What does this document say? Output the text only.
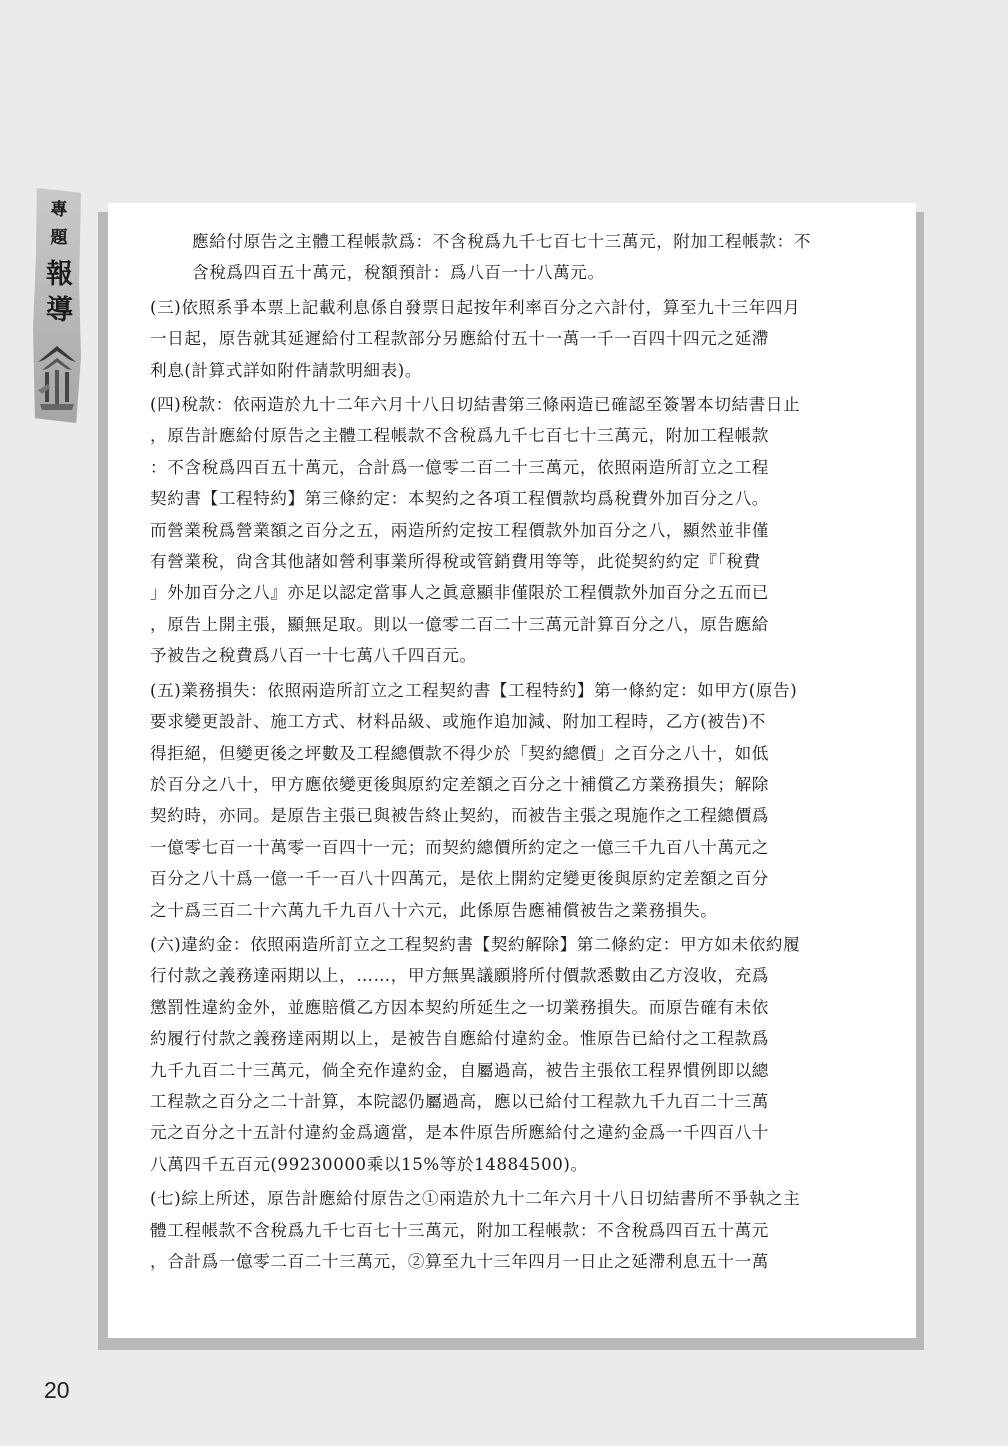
專
題
報
導
應給付原告之主體工程帳款爲：不含稅爲九千七百七十三萬元，附加工程帳款：不
含稅爲四百五十萬元，稅額預計：爲八百一十八萬元。
(三)依照系爭本票上記載利息係自發票日起按年利率百分之六計付，算至九十三年四月
一日起，原告就其延遲給付工程款部分另應給付五十一萬一千一百四十四元之延滯
利息(計算式詳如附件請款明細表)。
(四)稅款：依兩造於九十二年六月十八日切結書第三條兩造已確認至簽署本切結書日止
，原告計應給付原告之主體工程帳款不含稅爲九千七百七十三萬元，附加工程帳款
：不含稅爲四百五十萬元，合計爲一億零二百二十三萬元，依照兩造所訂立之工程
契約書【工程特約】第三條約定：本契約之各項工程價款均爲稅費外加百分之八。
而營業稅爲營業額之百分之五，兩造所約定按工程價款外加百分之八，顯然並非僅
有營業稅，尙含其他諸如營利事業所得稅或管銷費用等等，此從契約約定『「稅費
」外加百分之八』亦足以認定當事人之眞意顯非僅限於工程價款外加百分之五而已
，原告上開主張，顯無足取。則以一億零二百二十三萬元計算百分之八，原告應給
予被告之稅費爲八百一十七萬八千四百元。
(五)業務損失：依照兩造所訂立之工程契約書【工程特約】第一條約定：如甲方(原告)
要求變更設計、施工方式、材料品級、或施作追加減、附加工程時，乙方(被告)不
得拒絕，但變更後之坪數及工程總價款不得少於「契約總價」之百分之八十，如低
於百分之八十，甲方應依變更後與原約定差額之百分之十補償乙方業務損失；解除
契約時，亦同。是原告主張已與被告終止契約，而被告主張之現施作之工程總價爲
一億零七百一十萬零一百四十一元；而契約總價所約定之一億三千九百八十萬元之
百分之八十爲一億一千一百八十四萬元，是依上開約定變更後與原約定差額之百分
之十爲三百二十六萬九千九百八十六元，此係原告應補償被告之業務損失。
(六)違約金：依照兩造所訂立之工程契約書【契約解除】第二條約定：甲方如未依約履
行付款之義務達兩期以上，……，甲方無異議願將所付價款悉數由乙方沒收，充爲
懲罰性違約金外，並應賠償乙方因本契約所延生之一切業務損失。而原告確有未依
約履行付款之義務達兩期以上，是被告自應給付違約金。惟原告已給付之工程款爲
九千九百二十三萬元，倘全充作違約金，自屬過高，被告主張依工程界慣例即以總
工程款之百分之二十計算，本院認仍屬過高，應以已給付工程款九千九百二十三萬
元之百分之十五計付違約金爲適當，是本件原告所應給付之違約金爲一千四百八十
八萬四千五百元(99230000乘以15%等於14884500)。
(七)綜上所述，原告計應給付原告之①兩造於九十二年六月十八日切結書所不爭執之主
體工程帳款不含稅爲九千七百七十三萬元，附加工程帳款：不含稅爲四百五十萬元
，合計爲一億零二百二十三萬元，②算至九十三年四月一日止之延滯利息五十一萬
20
